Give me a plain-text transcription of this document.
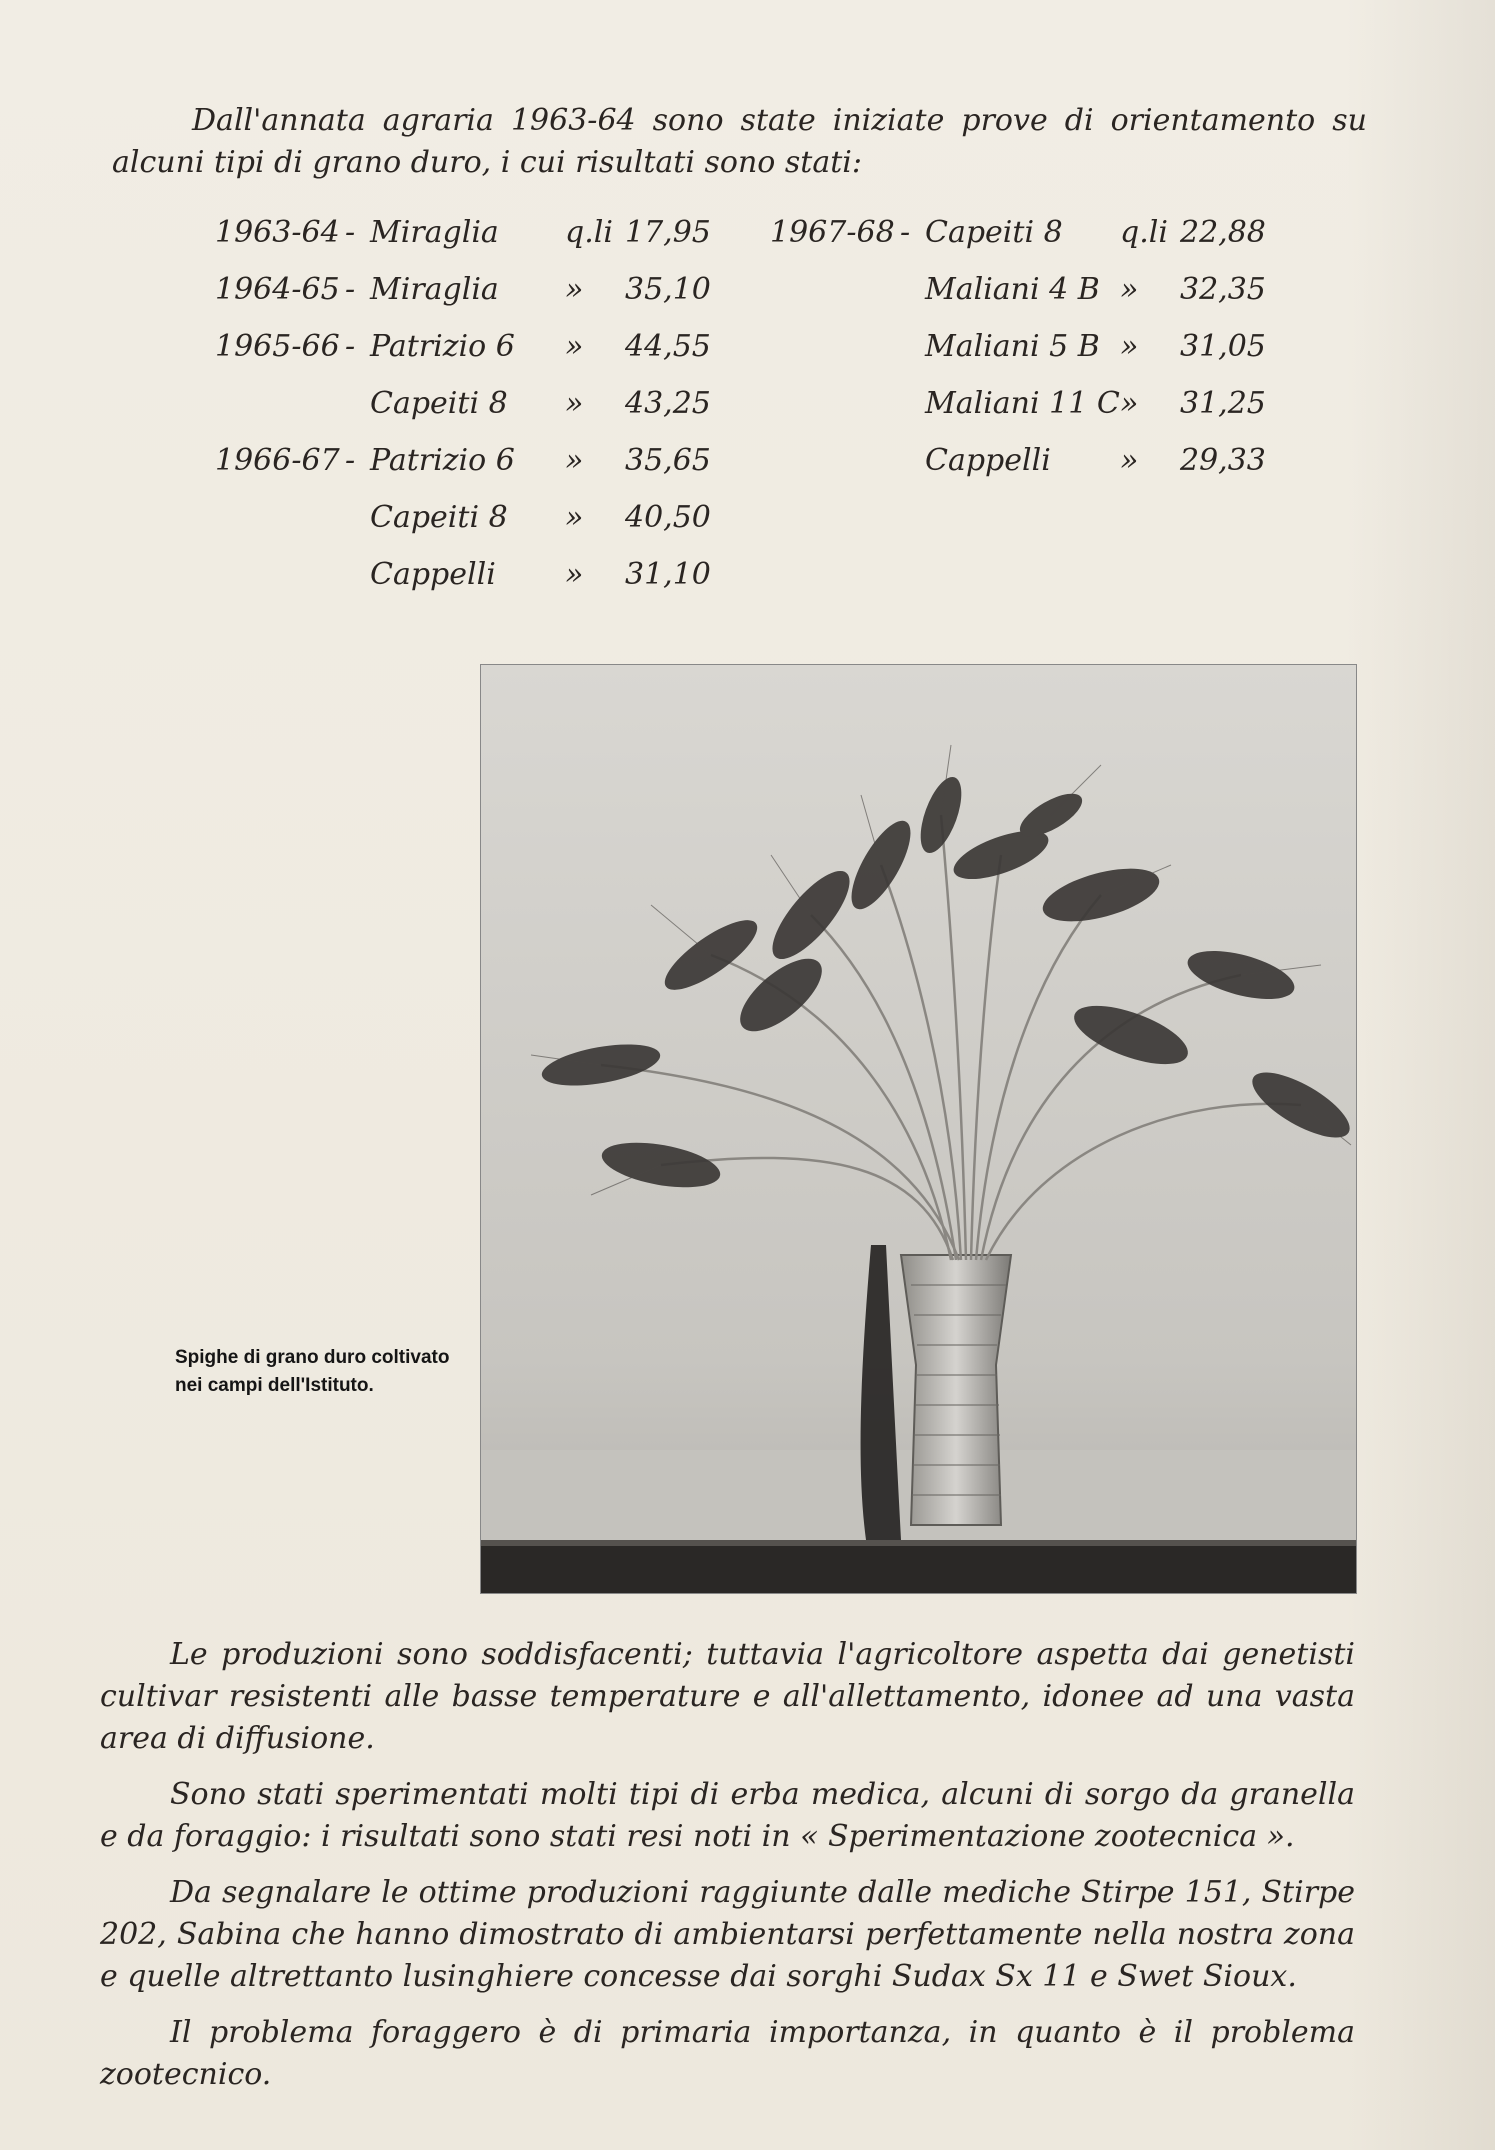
Dall'annata agraria 1963-64 sono state iniziate prove di orientamento su alcuni tipi di grano duro, i cui risultati sono stati:
1963-64 - Miraglia q.li 17,95
1964-65 - Miraglia » 35,10
1965-66 - Patrizio 6 » 44,55
Capeiti 8 » 43,25
1966-67 - Patrizio 6 » 35,65
Capeiti 8 » 40,50
Cappelli » 31,10
1967-68 - Capeiti 8 q.li 22,88
Maliani 4 B » 32,35
Maliani 5 B » 31,05
Maliani 11 C » 31,25
Cappelli » 29,33
Spighe di grano duro coltivato nei campi dell'Istituto.

Le produzioni sono soddisfacenti; tuttavia l'agricoltore aspetta dai genetisti cultivar resistenti alle basse temperature e all'allettamento, idonee ad una vasta area di diffusione.

Sono stati sperimentati molti tipi di erba medica, alcuni di sorgo da granella e da foraggio: i risultati sono stati resi noti in « Sperimentazione zootecnica ».

Da segnalare le ottime produzioni raggiunte dalle mediche Stirpe 151, Stirpe 202, Sabina che hanno dimostrato di ambientarsi perfettamente nella nostra zona e quelle altrettanto lusinghiere concesse dai sorghi Sudax Sx 11 e Swet Sioux.

Il problema foraggero è di primaria importanza, in quanto è il problema zootecnico.
